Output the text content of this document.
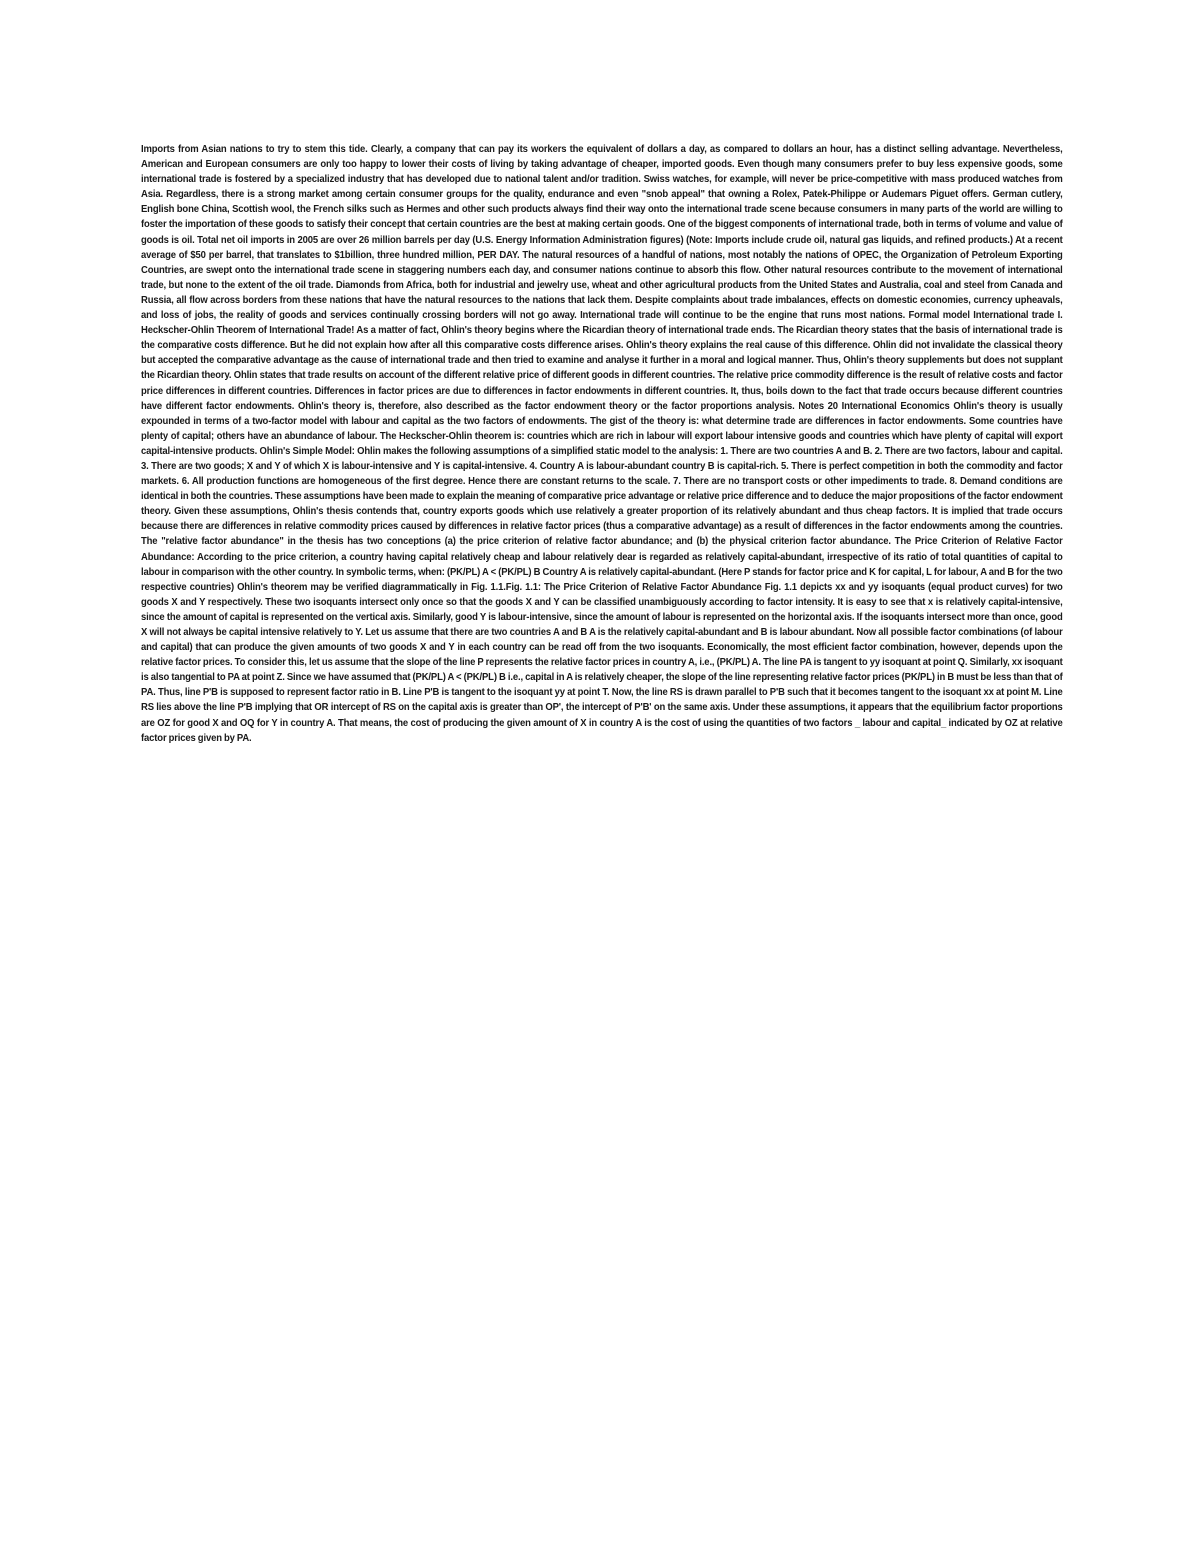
Imports from Asian nations to try to stem this tide. Clearly, a company that can pay its workers the equivalent of dollars a day, as compared to dollars an hour, has a distinct selling advantage. Nevertheless, American and European consumers are only too happy to lower their costs of living by taking advantage of cheaper, imported goods. Even though many consumers prefer to buy less expensive goods, some international trade is fostered by a specialized industry that has developed due to national talent and/or tradition. Swiss watches, for example, will never be price-competitive with mass produced watches from Asia. Regardless, there is a strong market among certain consumer groups for the quality, endurance and even "snob appeal" that owning a Rolex, Patek-Philippe or Audemars Piguet offers. German cutlery, English bone China, Scottish wool, the French silks such as Hermes and other such products always find their way onto the international trade scene because consumers in many parts of the world are willing to foster the importation of these goods to satisfy their concept that certain countries are the best at making certain goods. One of the biggest components of international trade, both in terms of volume and value of goods is oil. Total net oil imports in 2005 are over 26 million barrels per day (U.S. Energy Information Administration figures) (Note: Imports include crude oil, natural gas liquids, and refined products.) At a recent average of $50 per barrel, that translates to $1billion, three hundred million, PER DAY. The natural resources of a handful of nations, most notably the nations of OPEC, the Organization of Petroleum Exporting Countries, are swept onto the international trade scene in staggering numbers each day, and consumer nations continue to absorb this flow. Other natural resources contribute to the movement of international trade, but none to the extent of the oil trade. Diamonds from Africa, both for industrial and jewelry use, wheat and other agricultural products from the United States and Australia, coal and steel from Canada and Russia, all flow across borders from these nations that have the natural resources to the nations that lack them. Despite complaints about trade imbalances, effects on domestic economies, currency upheavals, and loss of jobs, the reality of goods and services continually crossing borders will not go away. International trade will continue to be the engine that runs most nations. Formal model International trade I. Heckscher-Ohlin Theorem of International Trade! As a matter of fact, Ohlin's theory begins where the Ricardian theory of international trade ends. The Ricardian theory states that the basis of international trade is the comparative costs difference. But he did not explain how after all this comparative costs difference arises. Ohlin's theory explains the real cause of this difference. Ohlin did not invalidate the classical theory but accepted the comparative advantage as the cause of international trade and then tried to examine and analyse it further in a moral and logical manner. Thus, Ohlin's theory supplements but does not supplant the Ricardian theory. Ohlin states that trade results on account of the different relative price of different goods in different countries. The relative price commodity difference is the result of relative costs and factor price differences in different countries. Differences in factor prices are due to differences in factor endowments in different countries. It, thus, boils down to the fact that trade occurs because different countries have different factor endowments. Ohlin's theory is, therefore, also described as the factor endowment theory or the factor proportions analysis. Notes 20 International Economics Ohlin's theory is usually expounded in terms of a two-factor model with labour and capital as the two factors of endowments. The gist of the theory is: what determine trade are differences in factor endowments. Some countries have plenty of capital; others have an abundance of labour. The Heckscher-Ohlin theorem is: countries which are rich in labour will export labour intensive goods and countries which have plenty of capital will export capital-intensive products. Ohlin's Simple Model: Ohlin makes the following assumptions of a simplified static model to the analysis: 1. There are two countries A and B. 2. There are two factors, labour and capital. 3. There are two goods; X and Y of which X is labour-intensive and Y is capital-intensive. 4. Country A is labour-abundant country B is capital-rich. 5. There is perfect competition in both the commodity and factor markets. 6. All production functions are homogeneous of the first degree. Hence there are constant returns to the scale. 7. There are no transport costs or other impediments to trade. 8. Demand conditions are identical in both the countries. These assumptions have been made to explain the meaning of comparative price advantage or relative price difference and to deduce the major propositions of the factor endowment theory. Given these assumptions, Ohlin's thesis contends that, country exports goods which use relatively a greater proportion of its relatively abundant and thus cheap factors. It is implied that trade occurs because there are differences in relative commodity prices caused by differences in relative factor prices (thus a comparative advantage) as a result of differences in the factor endowments among the countries. The "relative factor abundance" in the thesis has two conceptions (a) the price criterion of relative factor abundance; and (b) the physical criterion factor abundance. The Price Criterion of Relative Factor Abundance: According to the price criterion, a country having capital relatively cheap and labour relatively dear is regarded as relatively capital-abundant, irrespective of its ratio of total quantities of capital to labour in comparison with the other country. In symbolic terms, when: (PK/PL) A < (PK/PL) B Country A is relatively capital-abundant. (Here P stands for factor price and K for capital, L for labour, A and B for the two respective countries) Ohlin's theorem may be verified diagrammatically in Fig. 1.1.Fig. 1.1: The Price Criterion of Relative Factor Abundance Fig. 1.1 depicts xx and yy isoquants (equal product curves) for two goods X and Y respectively. These two isoquants intersect only once so that the goods X and Y can be classified unambiguously according to factor intensity. It is easy to see that x is relatively capital-intensive, since the amount of capital is represented on the vertical axis. Similarly, good Y is labour-intensive, since the amount of labour is represented on the horizontal axis. If the isoquants intersect more than once, good X will not always be capital intensive relatively to Y. Let us assume that there are two countries A and B A is the relatively capital-abundant and B is labour abundant. Now all possible factor combinations (of labour and capital) that can produce the given amounts of two goods X and Y in each country can be read off from the two isoquants. Economically, the most efficient factor combination, however, depends upon the relative factor prices. To consider this, let us assume that the slope of the line P represents the relative factor prices in country A, i.e., (PK/PL) A. The line PA is tangent to yy isoquant at point Q. Similarly, xx isoquant is also tangential to PA at point Z. Since we have assumed that (PK/PL) A < (PK/PL) B i.e., capital in A is relatively cheaper, the slope of the line representing relative factor prices (PK/PL) in B must be less than that of PA. Thus, line P'B is supposed to represent factor ratio in B. Line P'B is tangent to the isoquant yy at point T. Now, the line RS is drawn parallel to P'B such that it becomes tangent to the isoquant xx at point M. Line RS lies above the line P'B implying that OR intercept of RS on the capital axis is greater than OP', the intercept of P'B' on the same axis. Under these assumptions, it appears that the equilibrium factor proportions are OZ for good X and OQ for Y in country A. That means, the cost of producing the given amount of X in country A is the cost of using the quantities of two factors _ labour and capital_ indicated by OZ at relative factor prices given by PA.
